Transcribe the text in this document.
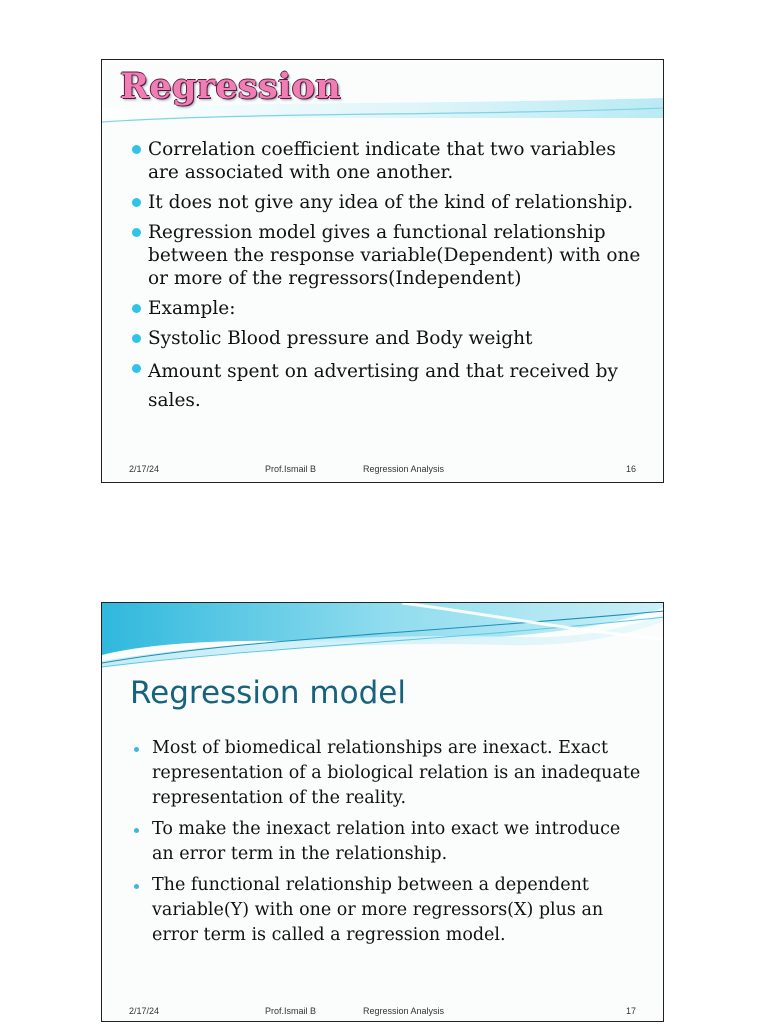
Regression
Correlation coefficient indicate that two variables are associated with one another.
It does not give any idea of the kind of relationship.
Regression model gives a functional relationship between the response variable(Dependent) with one or more of the regressors(Independent)
Example:
Systolic Blood pressure and Body weight
Amount spent on advertising and that received by sales.
2/17/24	Prof.Ismail B	Regression Analysis	16
Regression model
Most of biomedical relationships are inexact. Exact representation of a biological relation is an inadequate representation of the reality.
To make the inexact relation into exact we introduce an error term in the relationship.
The functional relationship between a dependent variable(Y) with one or more regressors(X) plus an error term is called a regression model.
2/17/24	Prof.Ismail B	Regression Analysis	17
